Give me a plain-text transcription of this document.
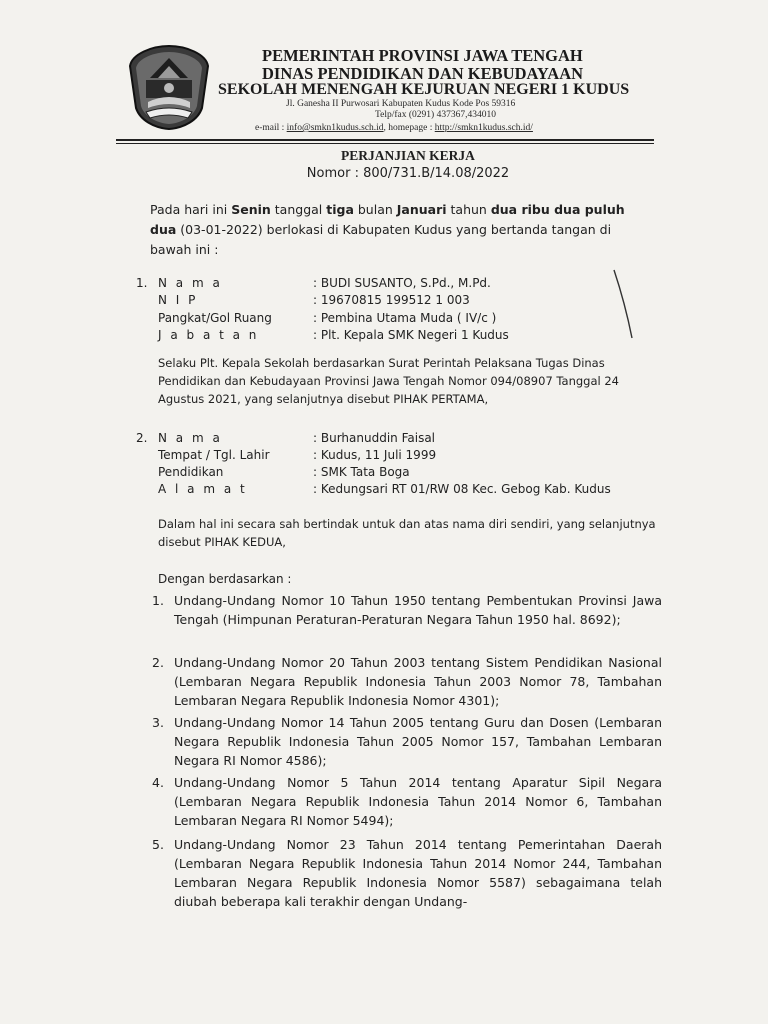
PEMERINTAH PROVINSI JAWA TENGAH
DINAS PENDIDIKAN DAN KEBUDAYAAN
SEKOLAH MENENGAH KEJURUAN NEGERI 1 KUDUS
Jl. Ganesha II Purwosari Kabupaten Kudus Kode Pos 59316
Telp/fax (0291) 437367,434010
e-mail : info@smkn1kudus.sch.id, homepage : http://smkn1kudus.sch.id/
PERJANJIAN KERJA
Nomor : 800/731.B/14.08/2022
Pada hari ini Senin tanggal tiga bulan Januari tahun dua ribu dua puluh dua (03-01-2022) berlokasi di Kabupaten Kudus yang bertanda tangan di bawah ini :
1. N a m a	: BUDI SUSANTO, S.Pd., M.Pd.
N I P	: 19670815 199512 1 003
Pangkat/Gol Ruang	: Pembina Utama Muda ( IV/c )
J a b a t a n	: Plt. Kepala SMK Negeri 1 Kudus
Selaku Plt. Kepala Sekolah berdasarkan Surat Perintah Pelaksana Tugas Dinas Pendidikan dan Kebudayaan Provinsi Jawa Tengah Nomor 094/08907 Tanggal 24 Agustus 2021, yang selanjutnya disebut PIHAK PERTAMA,
2. N a m a	: Burhanuddin Faisal
Tempat / Tgl. Lahir	: Kudus, 11 Juli 1999
Pendidikan	: SMK Tata Boga
A l a m a t	: Kedungsari RT 01/RW 08 Kec. Gebog Kab. Kudus
Dalam hal ini secara sah bertindak untuk dan atas nama diri sendiri, yang selanjutnya disebut PIHAK KEDUA,
Dengan berdasarkan :
1. Undang-Undang Nomor 10 Tahun 1950 tentang Pembentukan Provinsi Jawa Tengah (Himpunan Peraturan-Peraturan Negara Tahun 1950 hal. 8692);
2. Undang-Undang Nomor 20 Tahun 2003 tentang Sistem Pendidikan Nasional (Lembaran Negara Republik Indonesia Tahun 2003 Nomor 78, Tambahan Lembaran Negara Republik Indonesia Nomor 4301);
3. Undang-Undang Nomor 14 Tahun 2005 tentang Guru dan Dosen (Lembaran Negara Republik Indonesia Tahun 2005 Nomor 157, Tambahan Lembaran Negara RI Nomor 4586);
4. Undang-Undang Nomor 5 Tahun 2014 tentang Aparatur Sipil Negara (Lembaran Negara Republik Indonesia Tahun 2014 Nomor 6, Tambahan Lembaran Negara RI Nomor 5494);
5. Undang-Undang Nomor 23 Tahun 2014 tentang Pemerintahan Daerah (Lembaran Negara Republik Indonesia Tahun 2014 Nomor 244, Tambahan Lembaran Negara Republik Indonesia Nomor 5587) sebagaimana telah diubah beberapa kali terakhir dengan Undang-
